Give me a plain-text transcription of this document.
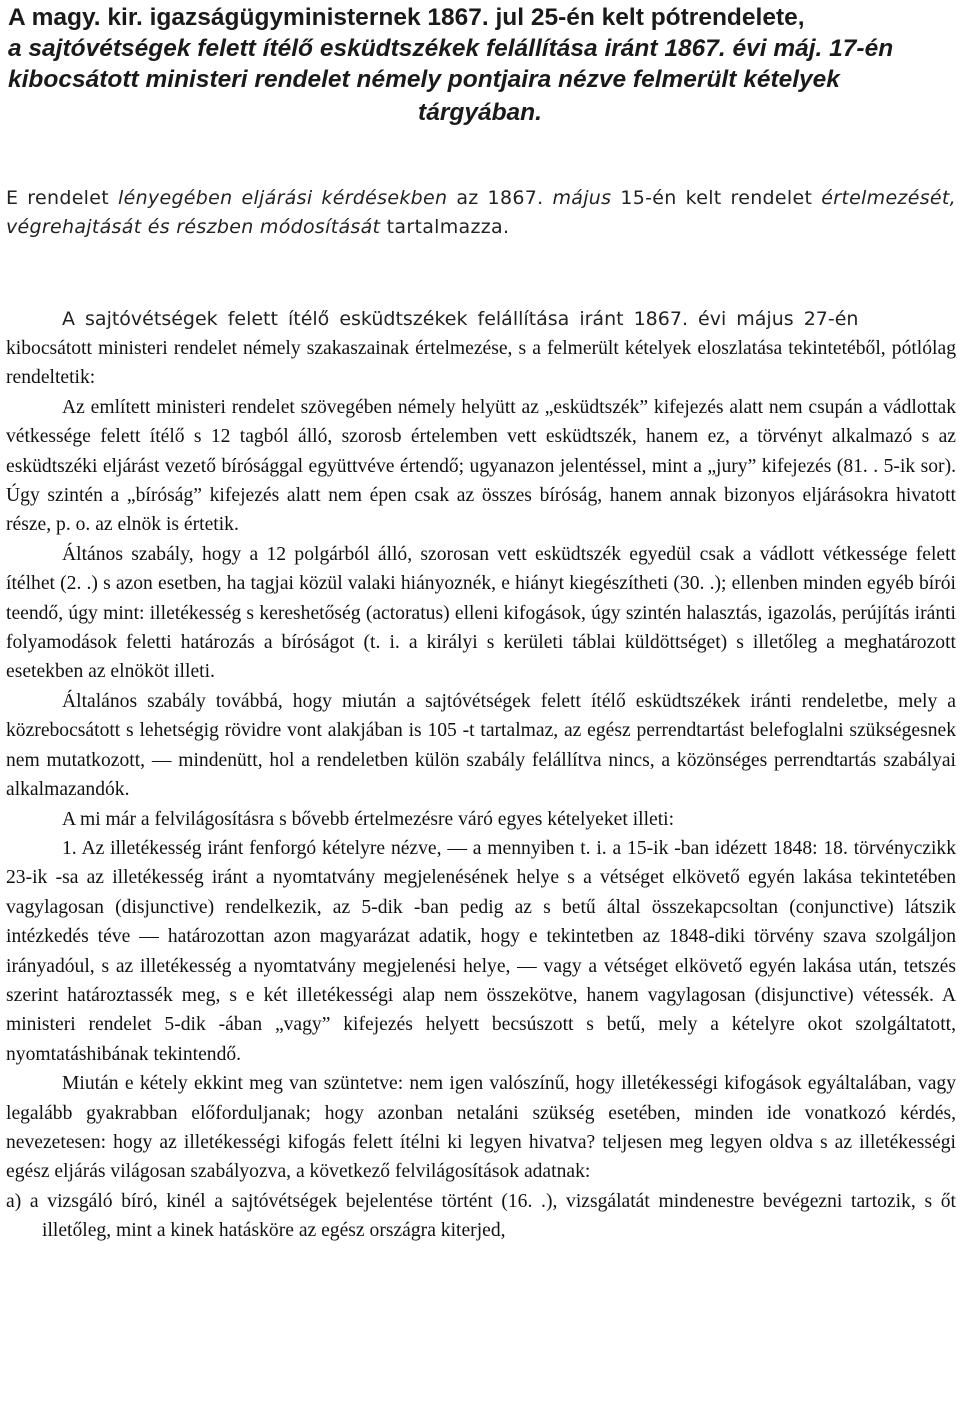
A magy. kir. igazságügyministernek 1867. jul 25-én kelt pótrendelete,
a sajtóvétségek felett ítélő esküdtszékek felállítása iránt 1867. évi máj. 17-én
kibocsátott ministeri rendelet némely pontjaira nézve felmerült kételyek
tárgyában.
E rendelet lényegében eljárási kérdésekben az 1867. május 15-én kelt rendelet értelmezését, végrehajtását és részben módosítását tartalmazza.
A sajtóvétségek felett ítélő esküdtszékek felállítása iránt 1867. évi május 27-én

kibocsátott ministeri rendelet némely szakaszainak értelmezése, s a felmerült kételyek eloszlatása tekintetéből, pótlólag rendeltetik:

Az említett ministeri rendelet szövegében némely helyütt az „esküdtszék” kifejezés alatt nem csupán a vádlottak vétkessége felett ítélő s 12 tagból álló, szorosb értelemben vett esküdtszék, hanem ez, a törvényt alkalmazó s az esküdtszéki eljárást vezető bírósággal együttvéve értendő; ugyanazon jelentéssel, mint a „jury” kifejezés (81. . 5-ik sor). Úgy szintén a „bíróság” kifejezés alatt nem épen csak az összes bíróság, hanem annak bizonyos eljárásokra hivatott része, p. o. az elnök is értetik.

Áltános szabály, hogy a 12 polgárból álló, szorosan vett esküdtszék egyedül csak a vádlott vétkessége felett ítélhet (2. .) s azon esetben, ha tagjai közül valaki hiányoznék, e hiányt kiegészítheti (30. .); ellenben minden egyéb bírói teendő, úgy mint: illetékesség s kereshetőség (actoratus) elleni kifogások, úgy szintén halasztás, igazolás, perújítás iránti folyamodások feletti határozás a bíróságot (t. i. a királyi s kerületi táblai küldöttséget) s illetőleg a meghatározott esetekben az elnököt illeti.

Általános szabály továbbá, hogy miután a sajtóvétségek felett ítélő esküdtszékek iránti rendeletbe, mely a közrebocsátott s lehetségig rövidre vont alakjában is 105 -t tartalmaz, az egész perrendtartást belefoglalni szükségesnek nem mutatkozott, — mindenütt, hol a rendeletben külön szabály felállítva nincs, a közönséges perrendtartás szabályai alkalmazandók.

A mi már a felvilágosításra s bővebb értelmezésre váró egyes kételyeket illeti:

1. Az illetékesség iránt fenforgó kételyre nézve, — a mennyiben t. i. a 15-ik -ban idézett 1848: 18. törvényczikk 23-ik -sa az illetékesség iránt a nyomtatvány megjelenésének helye s a vétséget elkövető egyén lakása tekintetében vagylagosan (disjunctive) rendelkezik, az 5-dik -ban pedig az s betű által összekapcsoltan (conjunctive) látszik intézkedés téve — határozottan azon magyarázat adatik, hogy e tekintetben az 1848-diki törvény szava szolgáljon irányadóul, s az illetékesség a nyomtatvány megjelenési helye, — vagy a vétséget elkövető egyén lakása után, tetszés szerint határoztassék meg, s e két illetékességi alap nem összekötve, hanem vagylagosan (disjunctive) vétessék. A ministeri rendelet 5-dik -ában „vagy” kifejezés helyett becsúszott s betű, mely a kételyre okot szolgáltatott, nyomtatáshibának tekintendő.

Miután e kétely ekkint meg van szüntetve: nem igen valószínű, hogy illetékességi kifogások egyáltalában, vagy legalább gyakrabban előforduljanak; hogy azonban netaláni szükség esetében, minden ide vonatkozó kérdés, nevezetesen: hogy az illetékességi kifogás felett ítélni ki legyen hivatva? teljesen meg legyen oldva s az illetékességi egész eljárás világosan szabályozva, a következő felvilágosítások adatnak:

a) a vizsgáló bíró, kinél a sajtóvétségek bejelentése történt (16. .), vizsgálatát mindenestre bevégezni tartozik, s őt illetőleg, mint a kinek hatásköre az egész országra kiterjed,
